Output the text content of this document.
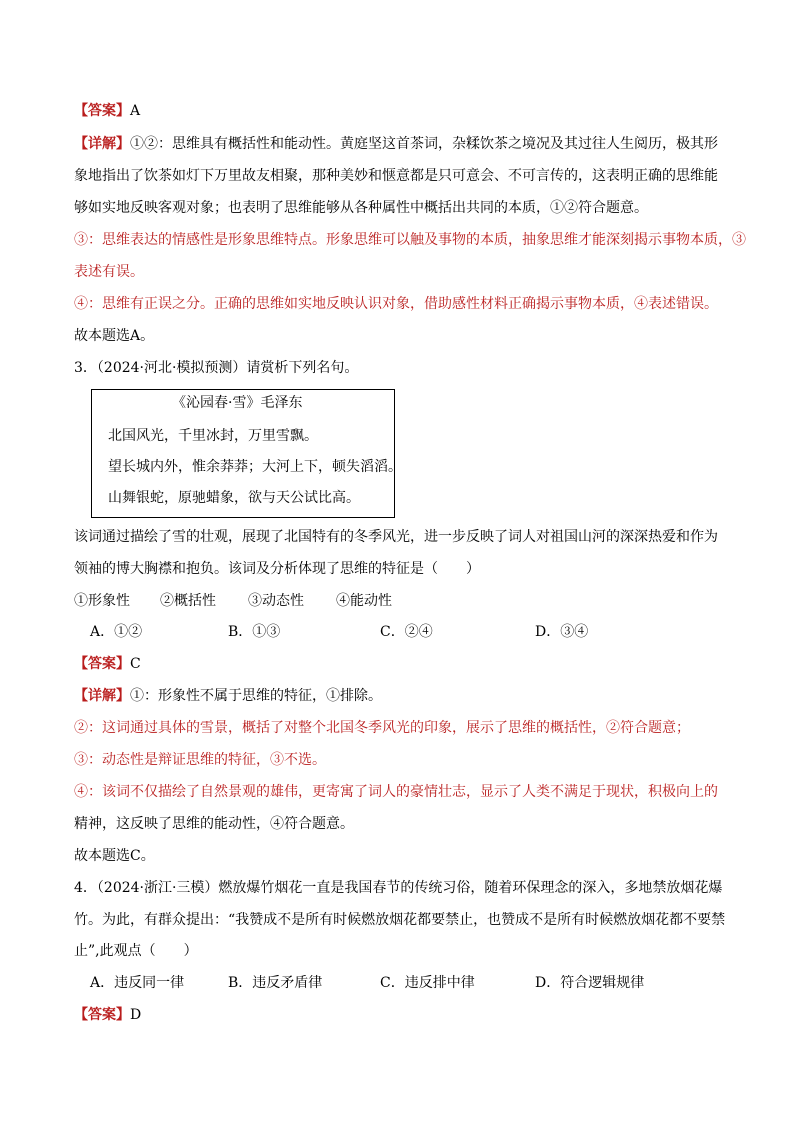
【答案】A
【详解】①②：思维具有概括性和能动性。黄庭坚这首茶词，杂糅饮茶之境况及其过往人生阅历，极其形
象地指出了饮茶如灯下万里故友相聚，那种美妙和惬意都是只可意会、不可言传的，这表明正确的思维能
够如实地反映客观对象；也表明了思维能够从各种属性中概括出共同的本质，①②符合题意。
③：思维表达的情感性是形象思维特点。形象思维可以触及事物的本质，抽象思维才能深刻揭示事物本质，③
表述有误。
④：思维有正误之分。正确的思维如实地反映认识对象，借助感性材料正确揭示事物本质，④表述错误。
故本题选A。
3．（2024·河北·模拟预测）请赏析下列名句。
《沁园春·雪》毛泽东
北国风光，千里冰封，万里雪飘。
望长城内外，惟余莽莽；大河上下，顿失滔滔。
山舞银蛇，原驰蜡象，欲与天公试比高。
该词通过描绘了雪的壮观，展现了北国特有的冬季风光，进一步反映了词人对祖国山河的深深热爱和作为
领袖的博大胸襟和抱负。该词及分析体现了思维的特征是（　　）
①形象性 ②概括性 ③动态性 ④能动性
A．①②	B．①③	C．②④	D．③④
【答案】C
【详解】①：形象性不属于思维的特征，①排除。
②：这词通过具体的雪景，概括了对整个北国冬季风光的印象，展示了思维的概括性，②符合题意；
③：动态性是辩证思维的特征，③不选。
④：该词不仅描绘了自然景观的雄伟，更寄寓了词人的豪情壮志，显示了人类不满足于现状，积极向上的
精神，这反映了思维的能动性，④符合题意。
故本题选C。
4．（2024·浙江·三模）燃放爆竹烟花一直是我国春节的传统习俗，随着环保理念的深入，多地禁放烟花爆
竹。为此，有群众提出：“我赞成不是所有时候燃放烟花都要禁止，也赞成不是所有时候燃放烟花都不要禁
止”,此观点（　　）
A．违反同一律	B．违反矛盾律	C．违反排中律	D．符合逻辑规律
【答案】D
